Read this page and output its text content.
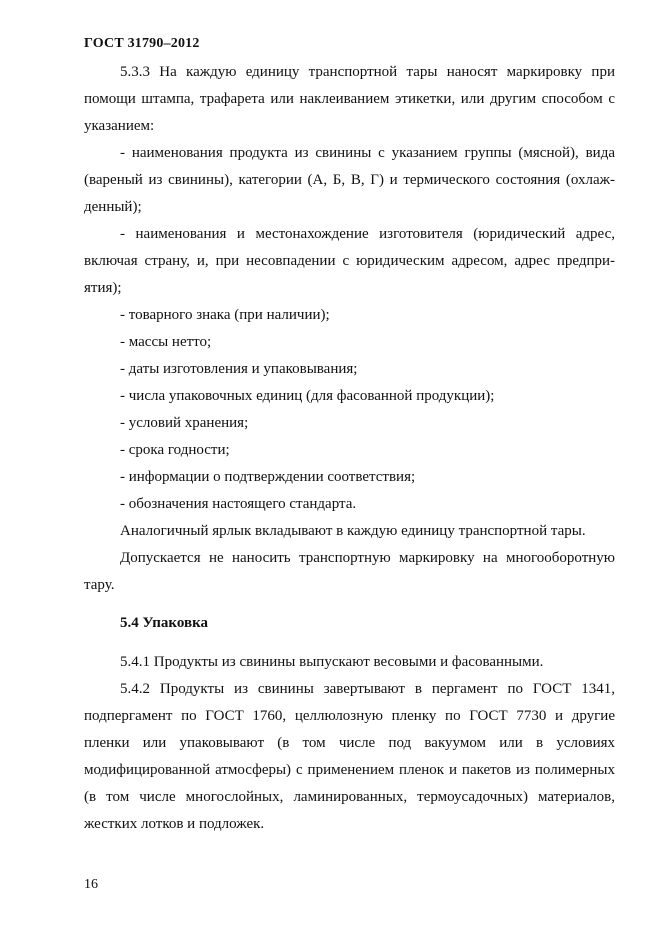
ГОСТ 31790–2012

5.3.3 На каждую единицу транспортной тары наносят маркировку при помощи штампа, трафарета или наклеиванием этикетки, или другим способом с указанием:

- наименования продукта из свинины с указанием группы (мясной), вида (вареный из свинины), категории (А, Б, В, Г) и термического состояния (охлаж-денный);

- наименования и местонахождение изготовителя (юридический адрес, включая страну, и, при несовпадении с юридическим адресом, адрес предпри-ятия);

- товарного знака (при наличии);

- массы нетто;

- даты изготовления и упаковывания;

- числа упаковочных единиц (для фасованной продукции);

- условий хранения;

- срока годности;

- информации о подтверждении соответствия;

- обозначения настоящего стандарта.

Аналогичный ярлык вкладывают в каждую единицу транспортной тары.

Допускается не наносить транспортную маркировку на многооборотную тару.

5.4 Упаковка

5.4.1 Продукты из свинины выпускают весовыми и фасованными.

5.4.2 Продукты из свинины завертывают в пергамент по ГОСТ 1341, подпергамент по ГОСТ 1760, целлюлозную пленку по ГОСТ 7730 и другие пленки или упаковывают (в том числе под вакуумом или в условиях модифицированной атмосферы) с применением пленок и пакетов из полимерных (в том числе многослойных, ламинированных, термоусадочных) материалов, жестких лотков и подложек.

16
